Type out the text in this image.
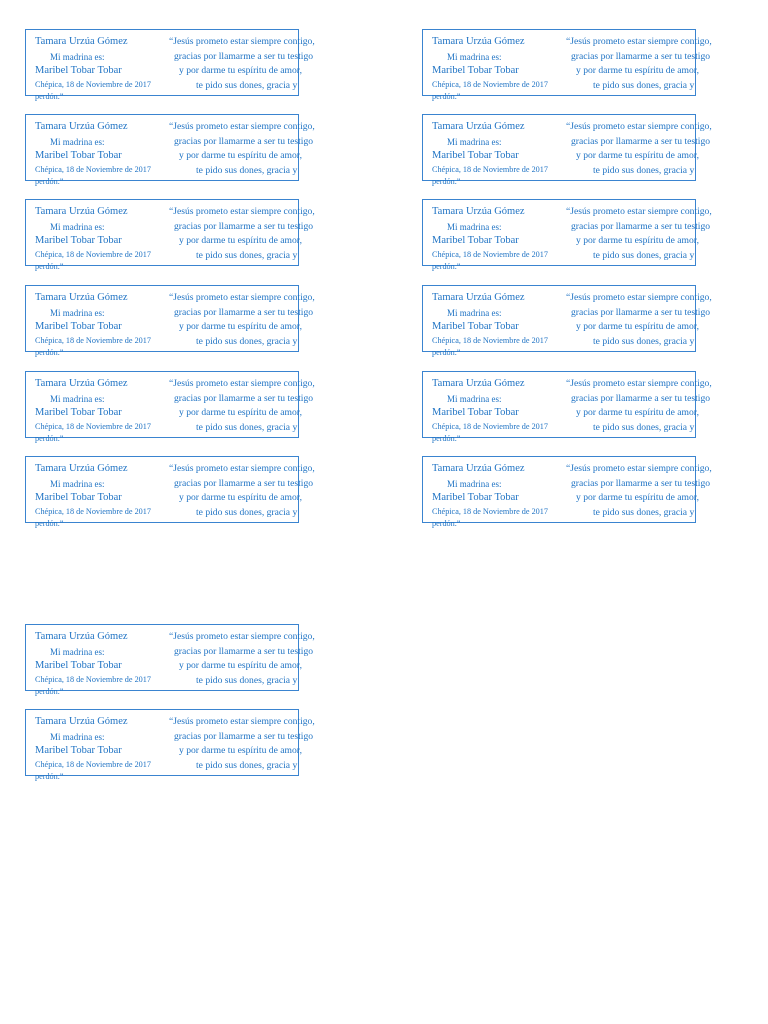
Tamara Urzúa Gómez
Mi madrina es:
Maribel Tobar Tobar
Chépica, 18 de Noviembre de 2017
perdón.”
“Jesús prometo estar siempre contigo,
gracias por llamarme a ser tu testigo
y por darme tu espíritu de amor,
te pido sus dones, gracia y
Tamara Urzúa Gómez
Mi madrina es:
Maribel Tobar Tobar
Chépica, 18 de Noviembre de 2017
perdón.”
“Jesús prometo estar siempre contigo,
gracias por llamarme a ser tu testigo
y por darme tu espíritu de amor,
te pido sus dones, gracia y
Tamara Urzúa Gómez
Mi madrina es:
Maribel Tobar Tobar
Chépica, 18 de Noviembre de 2017
perdón.”
“Jesús prometo estar siempre contigo,
gracias por llamarme a ser tu testigo
y por darme tu espíritu de amor,
te pido sus dones, gracia y
Tamara Urzúa Gómez
Mi madrina es:
Maribel Tobar Tobar
Chépica, 18 de Noviembre de 2017
perdón.”
“Jesús prometo estar siempre contigo,
gracias por llamarme a ser tu testigo
y por darme tu espíritu de amor,
te pido sus dones, gracia y
Tamara Urzúa Gómez
Mi madrina es:
Maribel Tobar Tobar
Chépica, 18 de Noviembre de 2017
perdón.”
“Jesús prometo estar siempre contigo,
gracias por llamarme a ser tu testigo
y por darme tu espíritu de amor,
te pido sus dones, gracia y
Tamara Urzúa Gómez
Mi madrina es:
Maribel Tobar Tobar
Chépica, 18 de Noviembre de 2017
perdón.”
“Jesús prometo estar siempre contigo,
gracias por llamarme a ser tu testigo
y por darme tu espíritu de amor,
te pido sus dones, gracia y
Tamara Urzúa Gómez
Mi madrina es:
Maribel Tobar Tobar
Chépica, 18 de Noviembre de 2017
perdón.”
“Jesús prometo estar siempre contigo,
gracias por llamarme a ser tu testigo
y por darme tu espíritu de amor,
te pido sus dones, gracia y
Tamara Urzúa Gómez
Mi madrina es:
Maribel Tobar Tobar
Chépica, 18 de Noviembre de 2017
perdón.”
“Jesús prometo estar siempre contigo,
gracias por llamarme a ser tu testigo
y por darme tu espíritu de amor,
te pido sus dones, gracia y
Tamara Urzúa Gómez
Mi madrina es:
Maribel Tobar Tobar
Chépica, 18 de Noviembre de 2017
perdón.”
“Jesús prometo estar siempre contigo,
gracias por llamarme a ser tu testigo
y por darme tu espíritu de amor,
te pido sus dones, gracia y
Tamara Urzúa Gómez
Mi madrina es:
Maribel Tobar Tobar
Chépica, 18 de Noviembre de 2017
perdón.”
“Jesús prometo estar siempre contigo,
gracias por llamarme a ser tu testigo
y por darme tu espíritu de amor,
te pido sus dones, gracia y
Tamara Urzúa Gómez
Mi madrina es:
Maribel Tobar Tobar
Chépica, 18 de Noviembre de 2017
perdón.”
“Jesús prometo estar siempre contigo,
gracias por llamarme a ser tu testigo
y por darme tu espíritu de amor,
te pido sus dones, gracia y
Tamara Urzúa Gómez
Mi madrina es:
Maribel Tobar Tobar
Chépica, 18 de Noviembre de 2017
perdón.”
“Jesús prometo estar siempre contigo,
gracias por llamarme a ser tu testigo
y por darme tu espíritu de amor,
te pido sus dones, gracia y
Tamara Urzúa Gómez
Mi madrina es:
Maribel Tobar Tobar
Chépica, 18 de Noviembre de 2017
perdón.”
“Jesús prometo estar siempre contigo,
gracias por llamarme a ser tu testigo
y por darme tu espíritu de amor,
te pido sus dones, gracia y
Tamara Urzúa Gómez
Mi madrina es:
Maribel Tobar Tobar
Chépica, 18 de Noviembre de 2017
perdón.”
“Jesús prometo estar siempre contigo,
gracias por llamarme a ser tu testigo
y por darme tu espíritu de amor,
te pido sus dones, gracia y
